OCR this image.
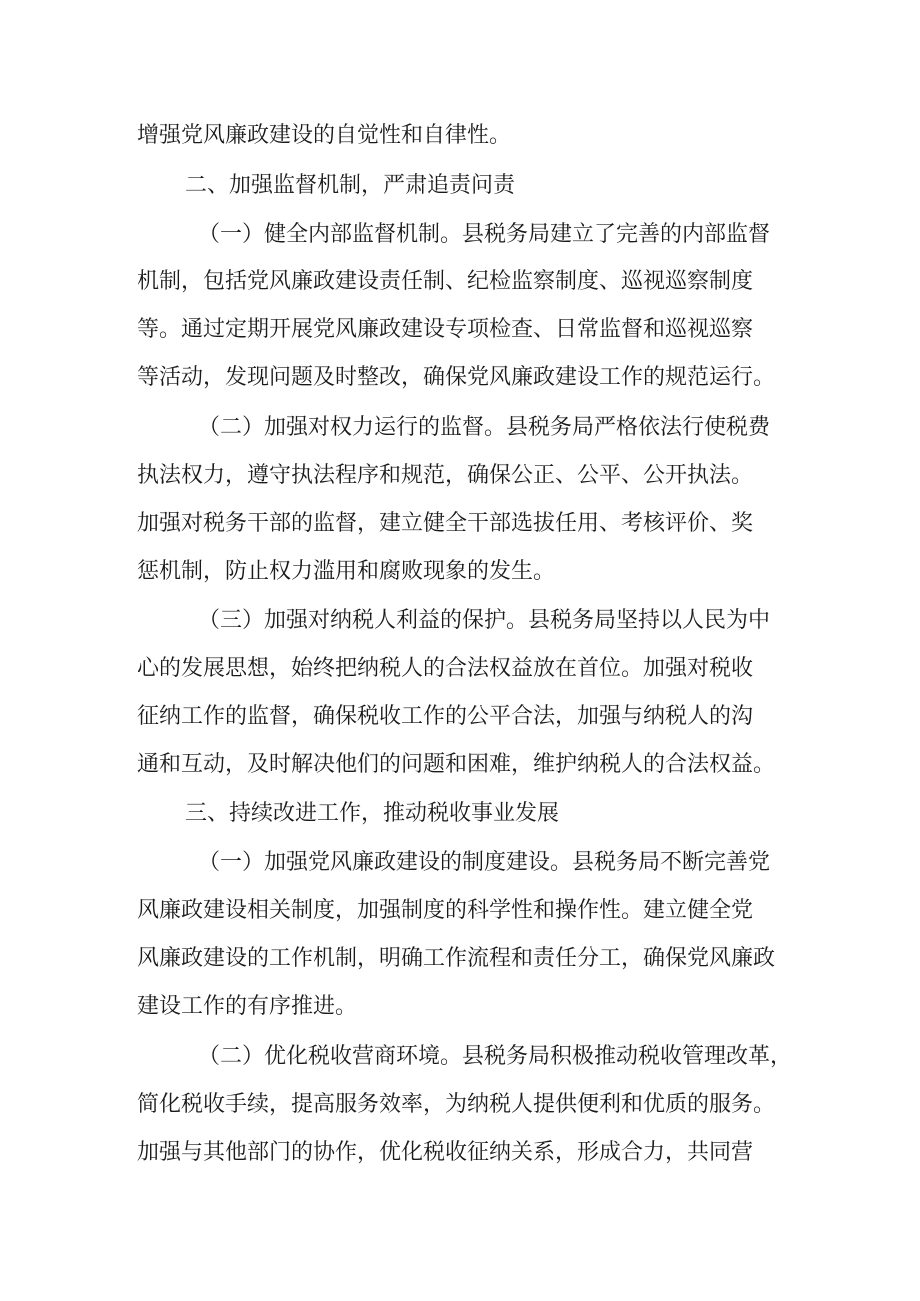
增强党风廉政建设的自觉性和自律性。
二、加强监督机制，严肃追责问责
（一）健全内部监督机制。县税务局建立了完善的内部监督
机制，包括党风廉政建设责任制、纪检监察制度、巡视巡察制度
等。通过定期开展党风廉政建设专项检查、日常监督和巡视巡察
等活动，发现问题及时整改，确保党风廉政建设工作的规范运行。
（二）加强对权力运行的监督。县税务局严格依法行使税费
执法权力，遵守执法程序和规范，确保公正、公平、公开执法。
加强对税务干部的监督，建立健全干部选拔任用、考核评价、奖
惩机制，防止权力滥用和腐败现象的发生。
（三）加强对纳税人利益的保护。县税务局坚持以人民为中
心的发展思想，始终把纳税人的合法权益放在首位。加强对税收
征纳工作的监督，确保税收工作的公平合法，加强与纳税人的沟
通和互动，及时解决他们的问题和困难，维护纳税人的合法权益。
三、持续改进工作，推动税收事业发展
（一）加强党风廉政建设的制度建设。县税务局不断完善党
风廉政建设相关制度，加强制度的科学性和操作性。建立健全党
风廉政建设的工作机制，明确工作流程和责任分工，确保党风廉政
建设工作的有序推进。
（二）优化税收营商环境。县税务局积极推动税收管理改革，
简化税收手续，提高服务效率，为纳税人提供便利和优质的服务。
加强与其他部门的协作，优化税收征纳关系，形成合力，共同营
